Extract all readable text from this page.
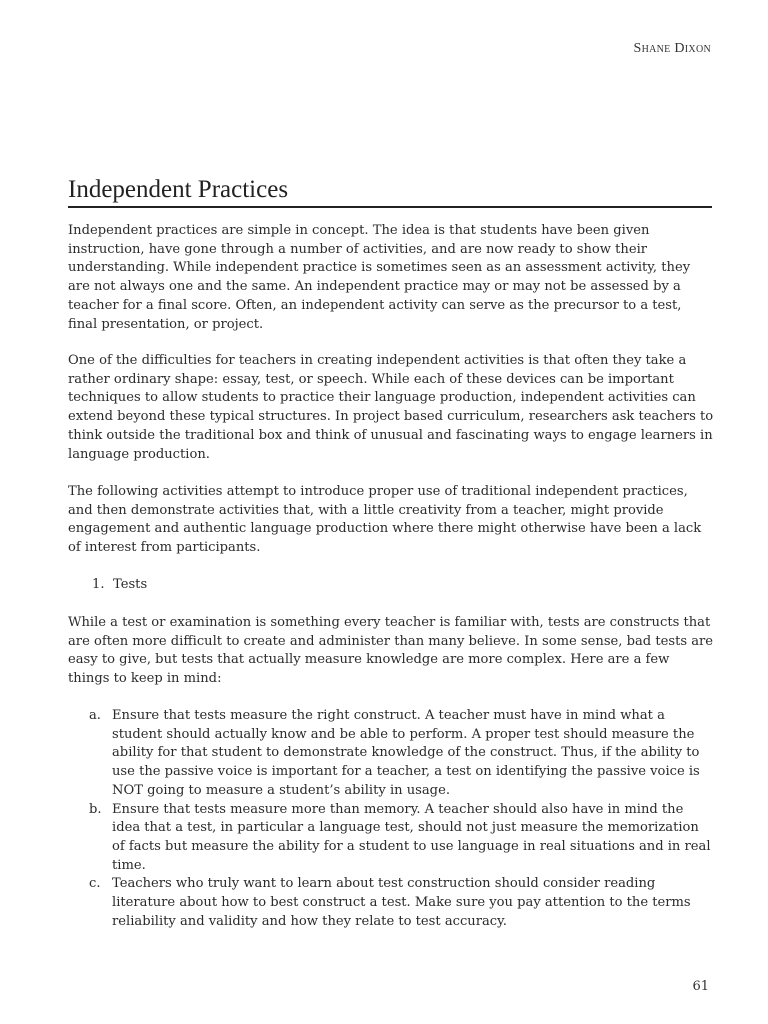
Shane Dixon
Independent Practices

Independent practices are simple in concept. The idea is that students have been given instruction, have gone through a number of activities, and are now ready to show their understanding. While independent practice is sometimes seen as an assessment activity, they are not always one and the same. An independent practice may or may not be assessed by a teacher for a final score. Often, an independent activity can serve as the precursor to a test, final presentation, or project.

One of the difficulties for teachers in creating independent activities is that often they take a rather ordinary shape: essay, test, or speech. While each of these devices can be important techniques to allow students to practice their language production, independent activities can extend beyond these typical structures. In project based curriculum, researchers ask teachers to think outside the traditional box and think of unusual and fascinating ways to engage learners in language production.

The following activities attempt to introduce proper use of traditional independent practices, and then demonstrate activities that, with a little creativity from a teacher, might provide engagement and authentic language production where there might otherwise have been a lack of interest from participants.

1. Tests

While a test or examination is something every teacher is familiar with, tests are constructs that are often more difficult to create and administer than many believe. In some sense, bad tests are easy to give, but tests that actually measure knowledge are more complex. Here are a few things to keep in mind:

a. Ensure that tests measure the right construct. A teacher must have in mind what a student should actually know and be able to perform. A proper test should measure the ability for that student to demonstrate knowledge of the construct. Thus, if the ability to use the passive voice is important for a teacher, a test on identifying the passive voice is NOT going to measure a student’s ability in usage.
b. Ensure that tests measure more than memory. A teacher should also have in mind the idea that a test, in particular a language test, should not just measure the memorization of facts but measure the ability for a student to use language in real situations and in real time.
c. Teachers who truly want to learn about test construction should consider reading literature about how to best construct a test. Make sure you pay attention to the terms reliability and validity and how they relate to test accuracy.
61
